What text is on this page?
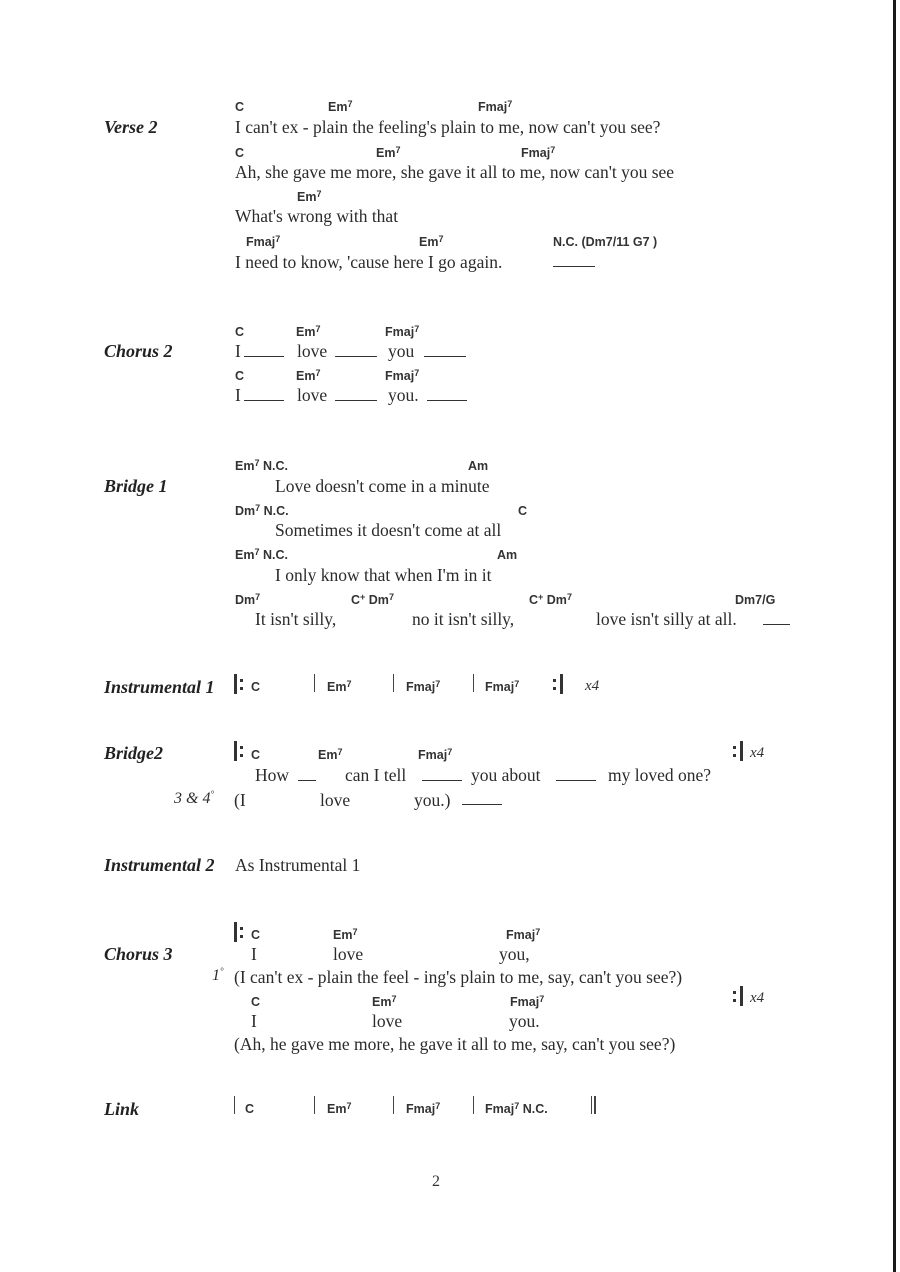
Verse 2
C	Em$^7$	Fmaj$^7$
I can't ex - plain the feeling's plain to me, now can't you see?
C	Em$^7$	Fmaj$^7$
Ah, she gave me more, she gave it all to me, now can't you see
Em$^7$
What's wrong with that
Fmaj$^7$	Em$^7$	N.C. (Dm7/11 G7 )
I need to know, 'cause here I go again.
Chorus 2
C	Em$^7$	Fmaj$^7$
I	love	you
C	Em$^7$	Fmaj$^7$
I	love	you.
Bridge 1
Em$^7$ N.C.	Am
Love doesn't come in a minute
Dm$^7$ N.C.	C
Sometimes it doesn't come at all
Em$^7$ N.C.	Am
I only know that when I'm in it
Dm$^7$	C+ Dm$^7$	C+ Dm$^7$	Dm7/G
It isn't silly,	no it isn't silly,	love isn't silly at all.
Instrumental 1	C	Em$^7$	Fmaj$^7$	Fmaj$^7$	x4
Bridge2	C	Em$^7$	Fmaj$^7$	x4
How	can I tell	you about	my loved one?
3 & 4° (I	love	you.)
Instrumental 2 As Instrumental 1
Chorus 3
C	Em$^7$	Fmaj$^7$
I	love	you,
1° (I can't ex - plain the feel - ing's plain to me, say, can't you see?)
C	Em$^7$	Fmaj$^7$	x4
I	love	you.
(Ah, he gave me more, he gave it all to me, say, can't you see?)
Link	C	Em$^7$	Fmaj$^7$	Fmaj$^7$ N.C.
2
